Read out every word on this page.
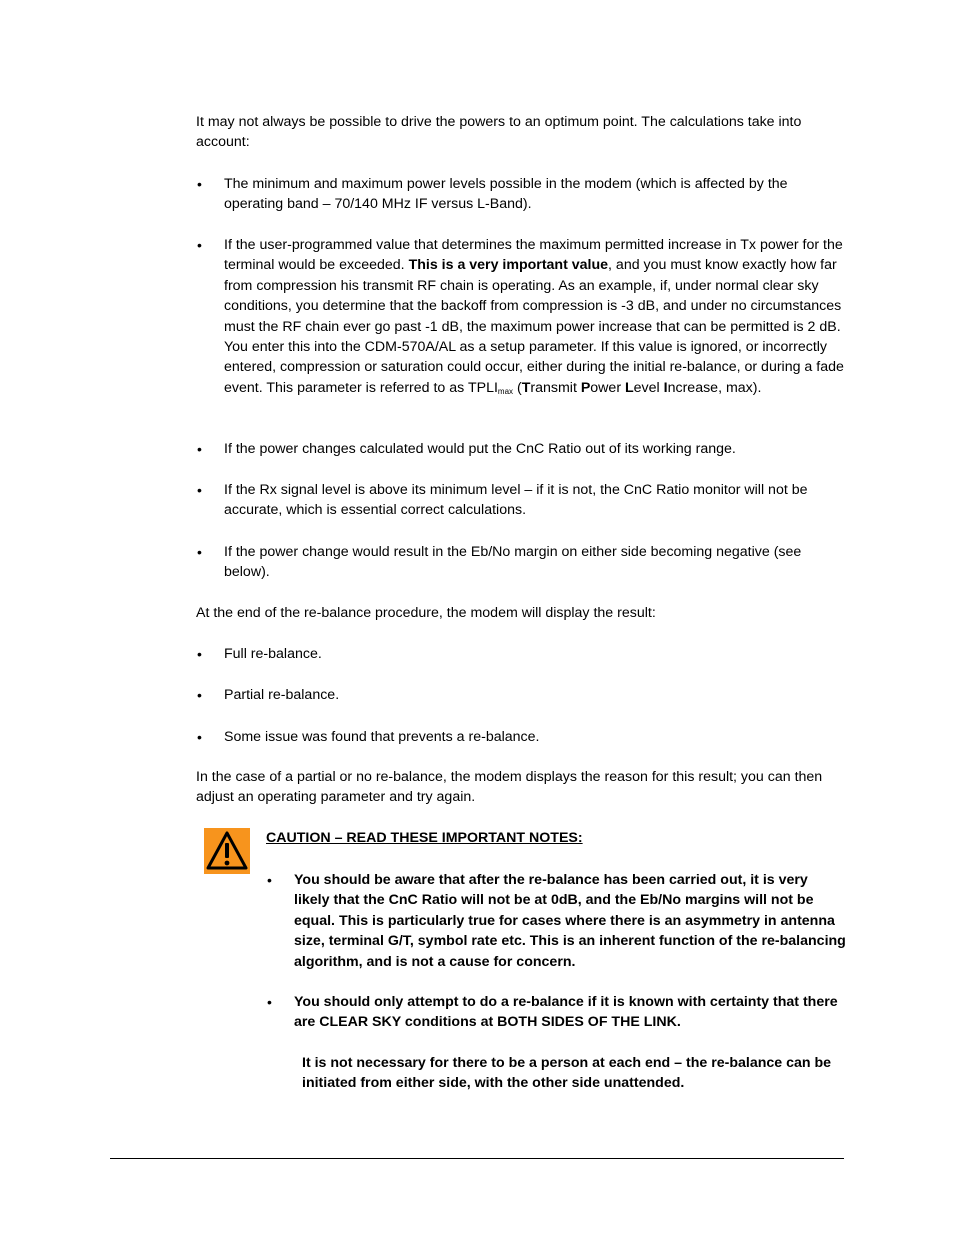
It may not always be possible to drive the powers to an optimum point. The calculations take into account:
• The minimum and maximum power levels possible in the modem (which is affected by the operating band – 70/140 MHz IF versus L-Band).
• If the user-programmed value that determines the maximum permitted increase in Tx power for the terminal would be exceeded. This is a very important value, and you must know exactly how far from compression his transmit RF chain is operating. As an example, if, under normal clear sky conditions, you determine that the backoff from compression is -3 dB, and under no circumstances must the RF chain ever go past -1 dB, the maximum power increase that can be permitted is 2 dB. You enter this into the CDM-570A/AL as a setup parameter. If this value is ignored, or incorrectly entered, compression or saturation could occur, either during the initial re-balance, or during a fade event. This parameter is referred to as $TPLI_{max}$ (Transmit Power Level Increase, max).
• If the power changes calculated would put the CnC Ratio out of its working range.
• If the Rx signal level is above its minimum level – if it is not, the CnC Ratio monitor will not be accurate, which is essential correct calculations.
• If the power change would result in the Eb/No margin on either side becoming negative (see below).
At the end of the re-balance procedure, the modem will display the result:
• Full re-balance.
• Partial re-balance.
• Some issue was found that prevents a re-balance.
In the case of a partial or no re-balance, the modem displays the reason for this result; you can then adjust an operating parameter and try again.
CAUTION – READ THESE IMPORTANT NOTES:
• You should be aware that after the re-balance has been carried out, it is very likely that the CnC Ratio will not be at 0dB, and the Eb/No margins will not be equal. This is particularly true for cases where there is an asymmetry in antenna size, terminal G/T, symbol rate etc. This is an inherent function of the re-balancing algorithm, and is not a cause for concern.
• You should only attempt to do a re-balance if it is known with certainty that there are CLEAR SKY conditions at BOTH SIDES OF THE LINK.
It is not necessary for there to be a person at each end – the re-balance can be initiated from either side, with the other side unattended.
